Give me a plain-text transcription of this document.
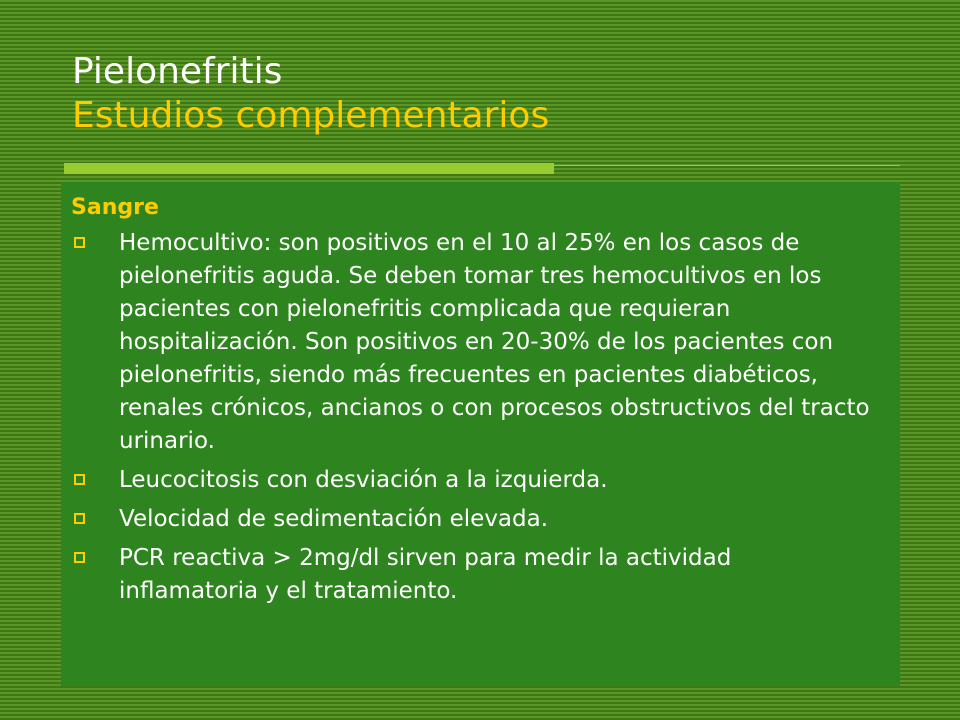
Pielonefritis
Estudios complementarios
Sangre
Hemocultivo: son positivos en el 10 al 25% en los casos de pielonefritis aguda. Se deben tomar tres hemocultivos en los pacientes con pielonefritis complicada que requieran hospitalización. Son positivos en 20-30% de los pacientes con pielonefritis, siendo más frecuentes en pacientes diabéticos, renales crónicos, ancianos o con procesos obstructivos del tracto urinario.
Leucocitosis con desviación a la izquierda.
Velocidad de sedimentación elevada.
PCR reactiva > 2mg/dl sirven para medir la actividad inflamatoria y el tratamiento.
